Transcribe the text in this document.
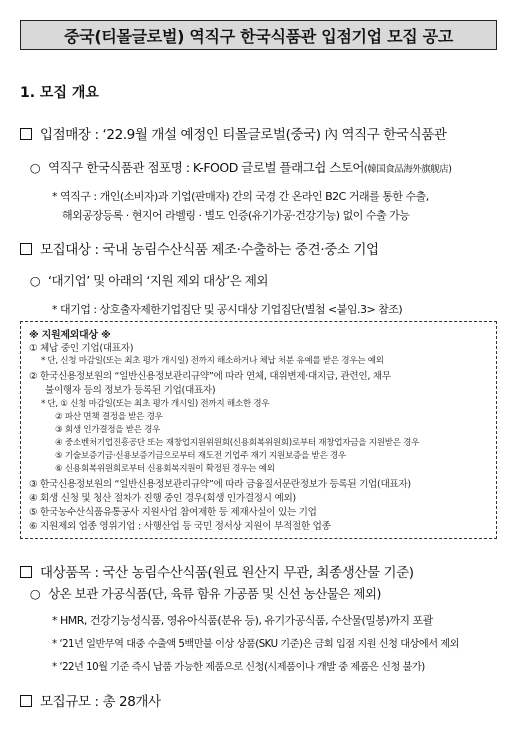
중국(티몰글로벌) 역직구 한국식품관 입점기업 모집 공고
1. 모집 개요
입점매장 : ‘22.9월 개설 예정인 티몰글로벌(중국) 內 역직구 한국식품관
○ 역직구 한국식품관 점포명 : K-FOOD 글로벌 플래그쉽 스토어(韓国食品海外旗舰店)
* 역직구 : 개인(소비자)과 기업(판매자) 간의 국경 간 온라인 B2C 거래를 통한 수출,
해외공장등록 · 현지어 라벨링 · 별도 인증(유기가공·건강기능) 없이 수출 가능
모집대상 : 국내 농림수산식품 제조·수출하는 중견·중소 기업
○ ‘대기업’ 및 아래의 ‘지원 제외 대상’은 제외
* 대기업 : 상호출자제한기업집단 및 공시대상 기업집단(별첨 <붙임.3> 참조)
※ 지원제외대상 ※
① 체납 중인 기업(대표자)
* 단, 신청 마감일(또는 최초 평가 개시일) 전까지 해소하거나 체납 처분 유예를 받은 경우는 예외
② 한국신용정보원의 “일반신용정보관리규약”에 따라 연체, 대위변제·대지급, 관련인, 채무
불이행자 등의 정보가 등록된 기업(대표자)
* 단, ① 신청 마감일(또는 최초 평가 개시일) 전까지 해소한 경우
② 파산 면책 결정을 받은 경우
③ 회생 인가결정을 받은 경우
④ 중소벤처기업진흥공단 또는 재창업지원위원회(신용회복위원회)로부터 재창업자금을 지원받은 경우
⑤ 기술보증기금·신용보증기금으로부터 재도전 기업주 재기 지원보증을 받은 경우
⑥ 신용회복위원회로부터 신용회복지원이 확정된 경우는 예외
③ 한국신용정보원의 “일반신용정보관리규약”에 따라 금융질서문란정보가 등록된 기업(대표자)
④ 회생 신청 및 청산 절차가 진행 중인 경우(회생 인가결정시 예외)
⑤ 한국농수산식품유통공사 지원사업 참여제한 등 제재사실이 있는 기업
⑥ 지원제외 업종 영위기업 : 사행산업 등 국민 정서상 지원이 부적절한 업종
대상품목 : 국산 농림수산식품(원료 원산지 무관, 최종생산물 기준)
○ 상온 보관 가공식품(단, 육류 함유 가공품 및 신선 농산물은 제외)
* HMR, 건강기능성식품, 영유아식품(분유 등), 유기가공식품, 수산물(밀봉)까지 포괄
* ‘21년 일반무역 대중 수출액 5백만불 이상 상품(SKU 기준)은 금회 입점 지원 신청 대상에서 제외
* ‘22년 10월 기준 즉시 납품 가능한 제품으로 신청(시제품이나 개발 중 제품은 신청 불가)
모집규모 : 총 28개사
